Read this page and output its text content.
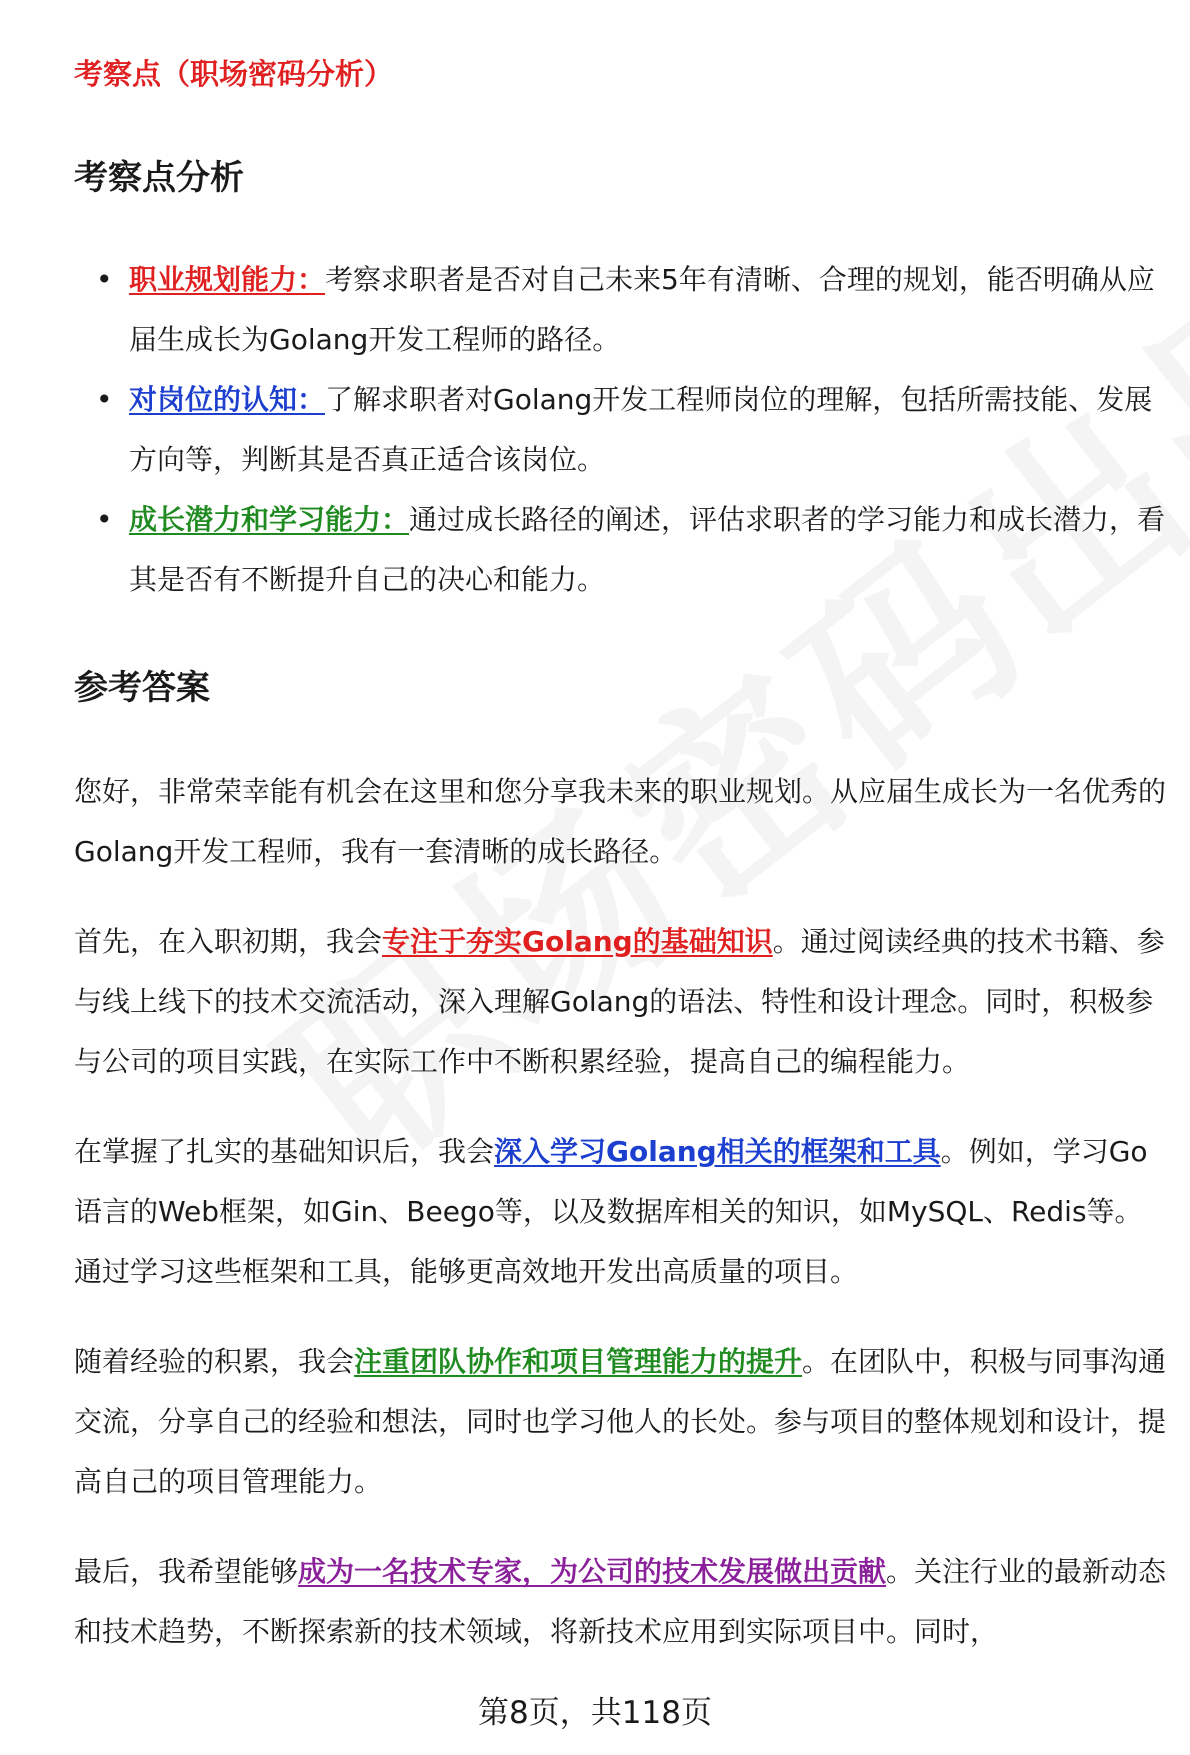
考察点（职场密码分析）

考察点分析
• 职业规划能力：考察求职者是否对自己未来5年有清晰、合理的规划，能否明确从应届生成长为Golang开发工程师的路径。
• 对岗位的认知：了解求职者对Golang开发工程师岗位的理解，包括所需技能、发展方向等，判断其是否真正适合该岗位。
• 成长潜力和学习能力：通过成长路径的阐述，评估求职者的学习能力和成长潜力，看其是否有不断提升自己的决心和能力。
参考答案

您好，非常荣幸能有机会在这里和您分享我未来的职业规划。从应届生成长为一名优秀的Golang开发工程师，我有一套清晰的成长路径。

首先，在入职初期，我会专注于夯实Golang的基础知识。通过阅读经典的技术书籍、参与线上线下的技术交流活动，深入理解Golang的语法、特性和设计理念。同时，积极参与公司的项目实践，在实际工作中不断积累经验，提高自己的编程能力。

在掌握了扎实的基础知识后，我会深入学习Golang相关的框架和工具。例如，学习Go语言的Web框架，如Gin、Beego等，以及数据库相关的知识，如MySQL、Redis等。通过学习这些框架和工具，能够更高效地开发出高质量的项目。

随着经验的积累，我会注重团队协作和项目管理能力的提升。在团队中，积极与同事沟通交流，分享自己的经验和想法，同时也学习他人的长处。参与项目的整体规划和设计，提高自己的项目管理能力。

最后，我希望能够成为一名技术专家，为公司的技术发展做出贡献。关注行业的最新动态和技术趋势，不断探索新的技术领域，将新技术应用到实际项目中。同时，

第8页，共118页
